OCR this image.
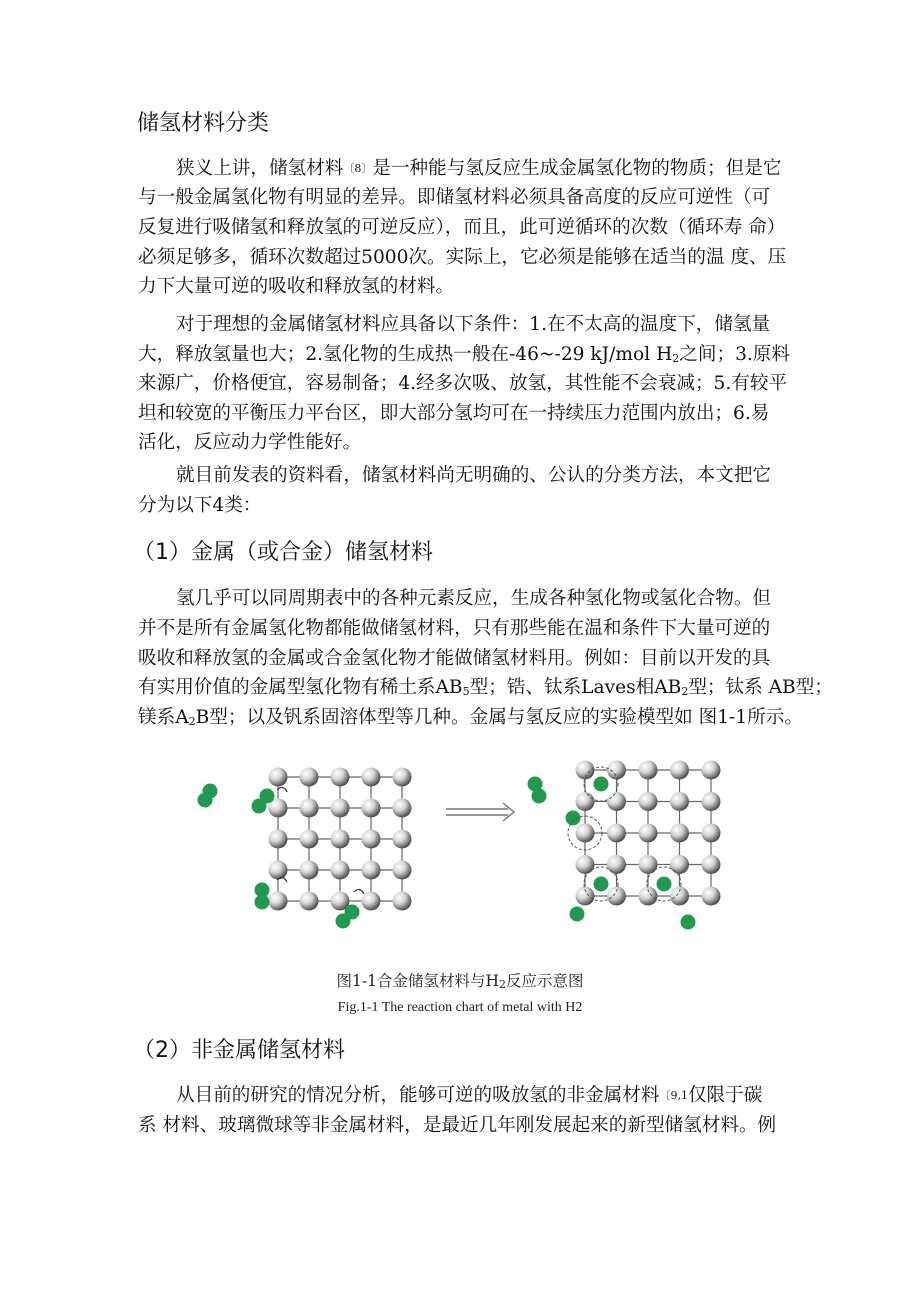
储氢材料分类
狭义上讲，储氢材料〔8〕是一种能与氢反应生成金属氢化物的物质；但是它
与一般金属氢化物有明显的差异。即储氢材料必须具备高度的反应可逆性（可
反复进行吸储氢和释放氢的可逆反应），而且，此可逆循环的次数（循环寿 命）
必须足够多，循环次数超过5000次。实际上，它必须是能够在适当的温 度、压
力下大量可逆的吸收和释放氢的材料。
对于理想的金属储氢材料应具备以下条件：1.在不太高的温度下，储氢量
大，释放氢量也大；2.氢化物的生成热一般在-46~-29 kJ/mol H2之间；3.原料
来源广，价格便宜，容易制备；4.经多次吸、放氢，其性能不会衰减；5.有较平
坦和较宽的平衡压力平台区，即大部分氢均可在一持续压力范围内放出；6.易
活化，反应动力学性能好。
就目前发表的资料看，储氢材料尚无明确的、公认的分类方法，本文把它
分为以下4类：
（1）金属（或合金）储氢材料
氢几乎可以同周期表中的各种元素反应，生成各种氢化物或氢化合物。但
并不是所有金属氢化物都能做储氢材料，只有那些能在温和条件下大量可逆的
吸收和释放氢的金属或合金氢化物才能做储氢材料用。例如：目前以开发的具
有实用价值的金属型氢化物有稀土系AB5型；锆、钛系Laves相AB2型；钛系 AB型；
镁系A2B型；以及钒系固溶体型等几种。金属与氢反应的实验模型如 图1-1所示。
图1-1合金储氢材料与H2反应示意图
Fig.1-1 The reaction chart of metal with H2
（2）非金属储氢材料
从目前的研究的情况分析，能够可逆的吸放氢的非金属材料〔9,1仅限于碳
系 材料、玻璃微球等非金属材料，是最近几年刚发展起来的新型储氢材料。例
